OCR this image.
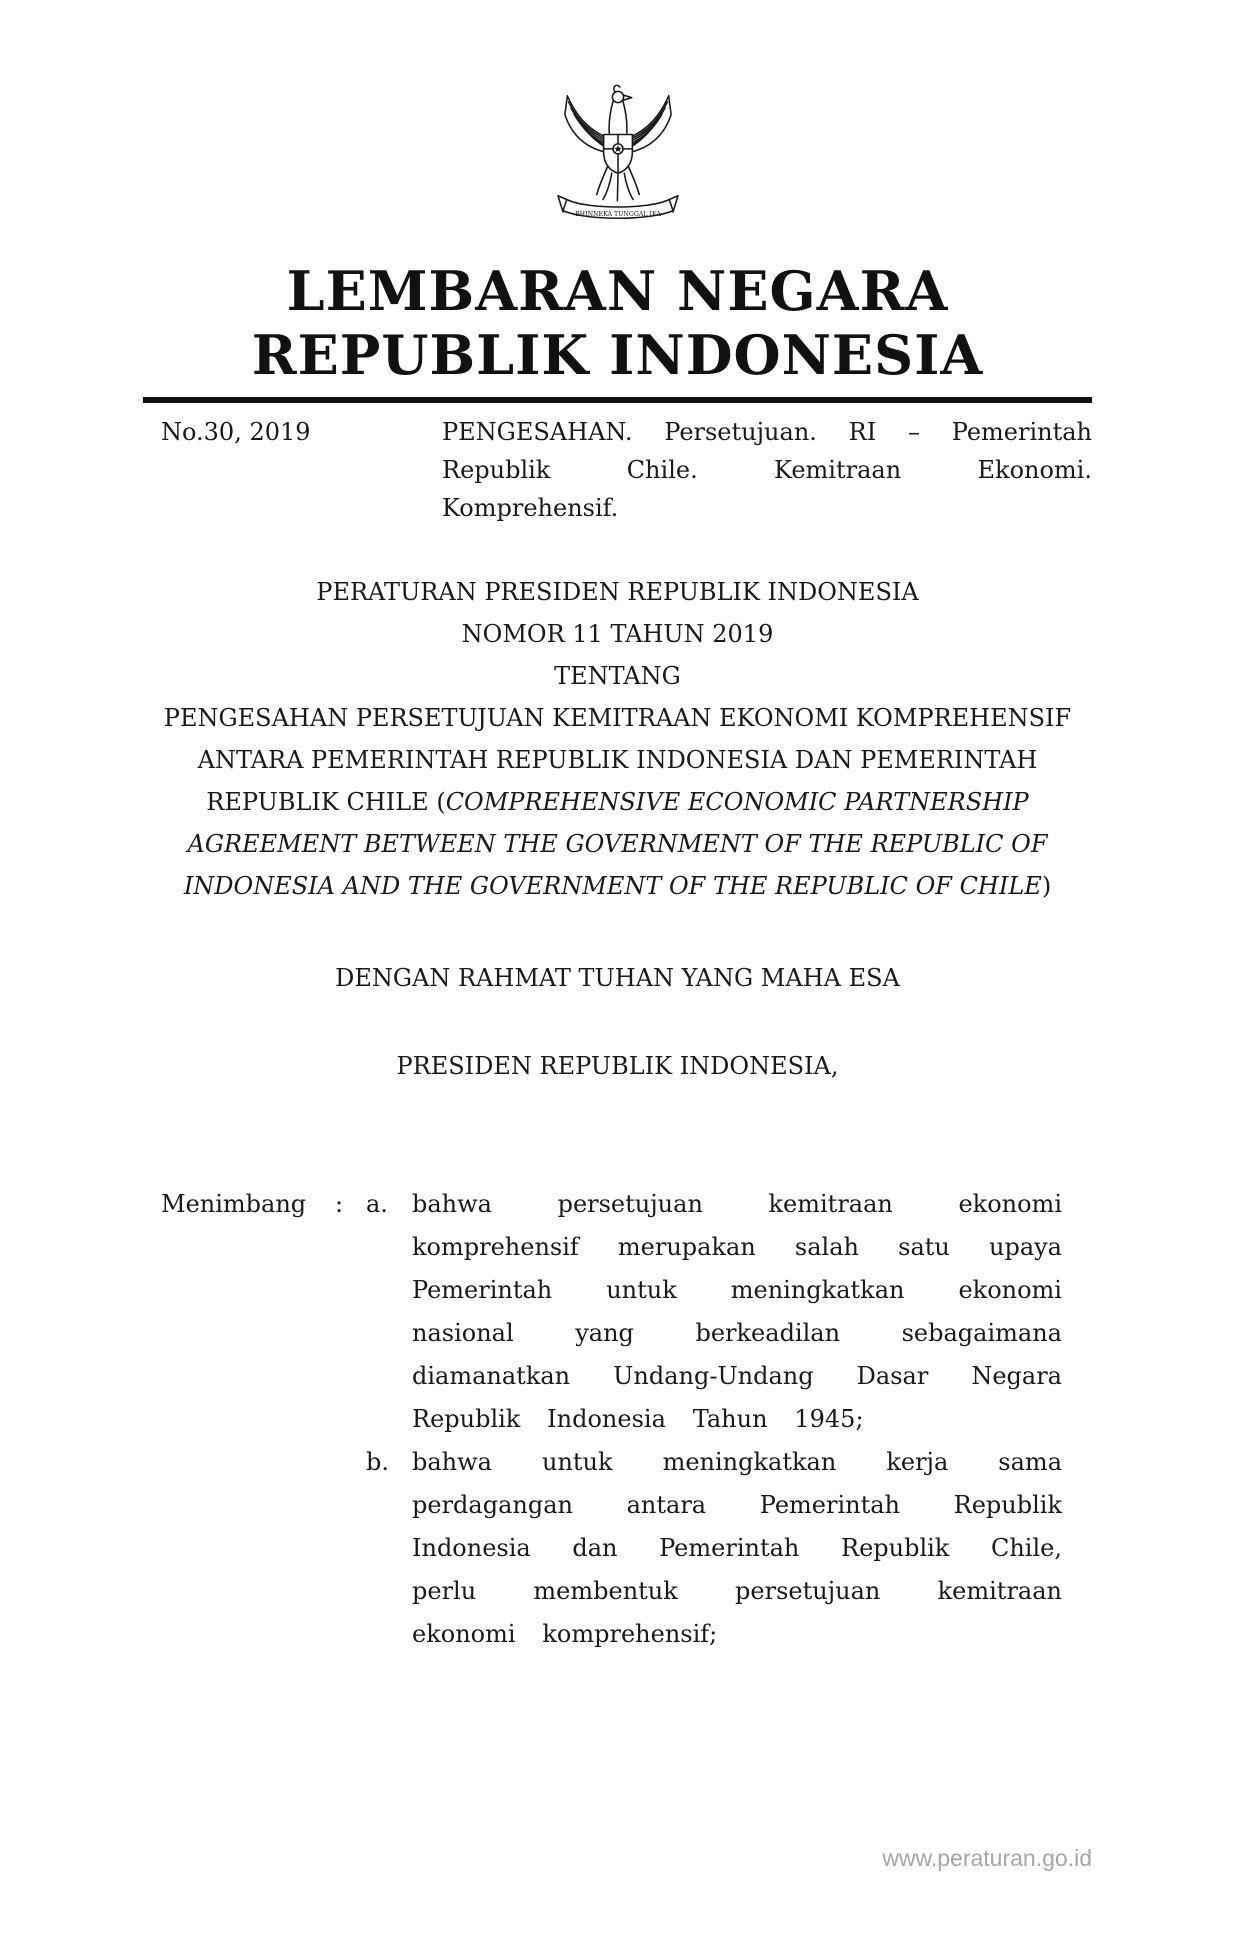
BHINNEKA TUNGGAL IKA
LEMBARAN NEGARA
REPUBLIK INDONESIA
No.30, 2019	PENGESAHAN. Persetujuan. RI – Pemerintah Republik Chile. Kemitraan Ekonomi. Komprehensif.
PERATURAN PRESIDEN REPUBLIK INDONESIA
NOMOR 11 TAHUN 2019
TENTANG
PENGESAHAN PERSETUJUAN KEMITRAAN EKONOMI KOMPREHENSIF
ANTARA PEMERINTAH REPUBLIK INDONESIA DAN PEMERINTAH
REPUBLIK CHILE (COMPREHENSIVE ECONOMIC PARTNERSHIP
AGREEMENT BETWEEN THE GOVERNMENT OF THE REPUBLIC OF
INDONESIA AND THE GOVERNMENT OF THE REPUBLIC OF CHILE)
DENGAN RAHMAT TUHAN YANG MAHA ESA
PRESIDEN REPUBLIK INDONESIA,
Menimbang	: a.	bahwa persetujuan kemitraan ekonomi komprehensif merupakan salah satu upaya Pemerintah untuk meningkatkan ekonomi nasional yang berkeadilan sebagaimana diamanatkan Undang-Undang Dasar Negara Republik Indonesia Tahun 1945;
b. bahwa untuk meningkatkan kerja sama perdagangan antara Pemerintah Republik Indonesia dan Pemerintah Republik Chile, perlu membentuk persetujuan kemitraan ekonomi komprehensif;
www.peraturan.go.id
